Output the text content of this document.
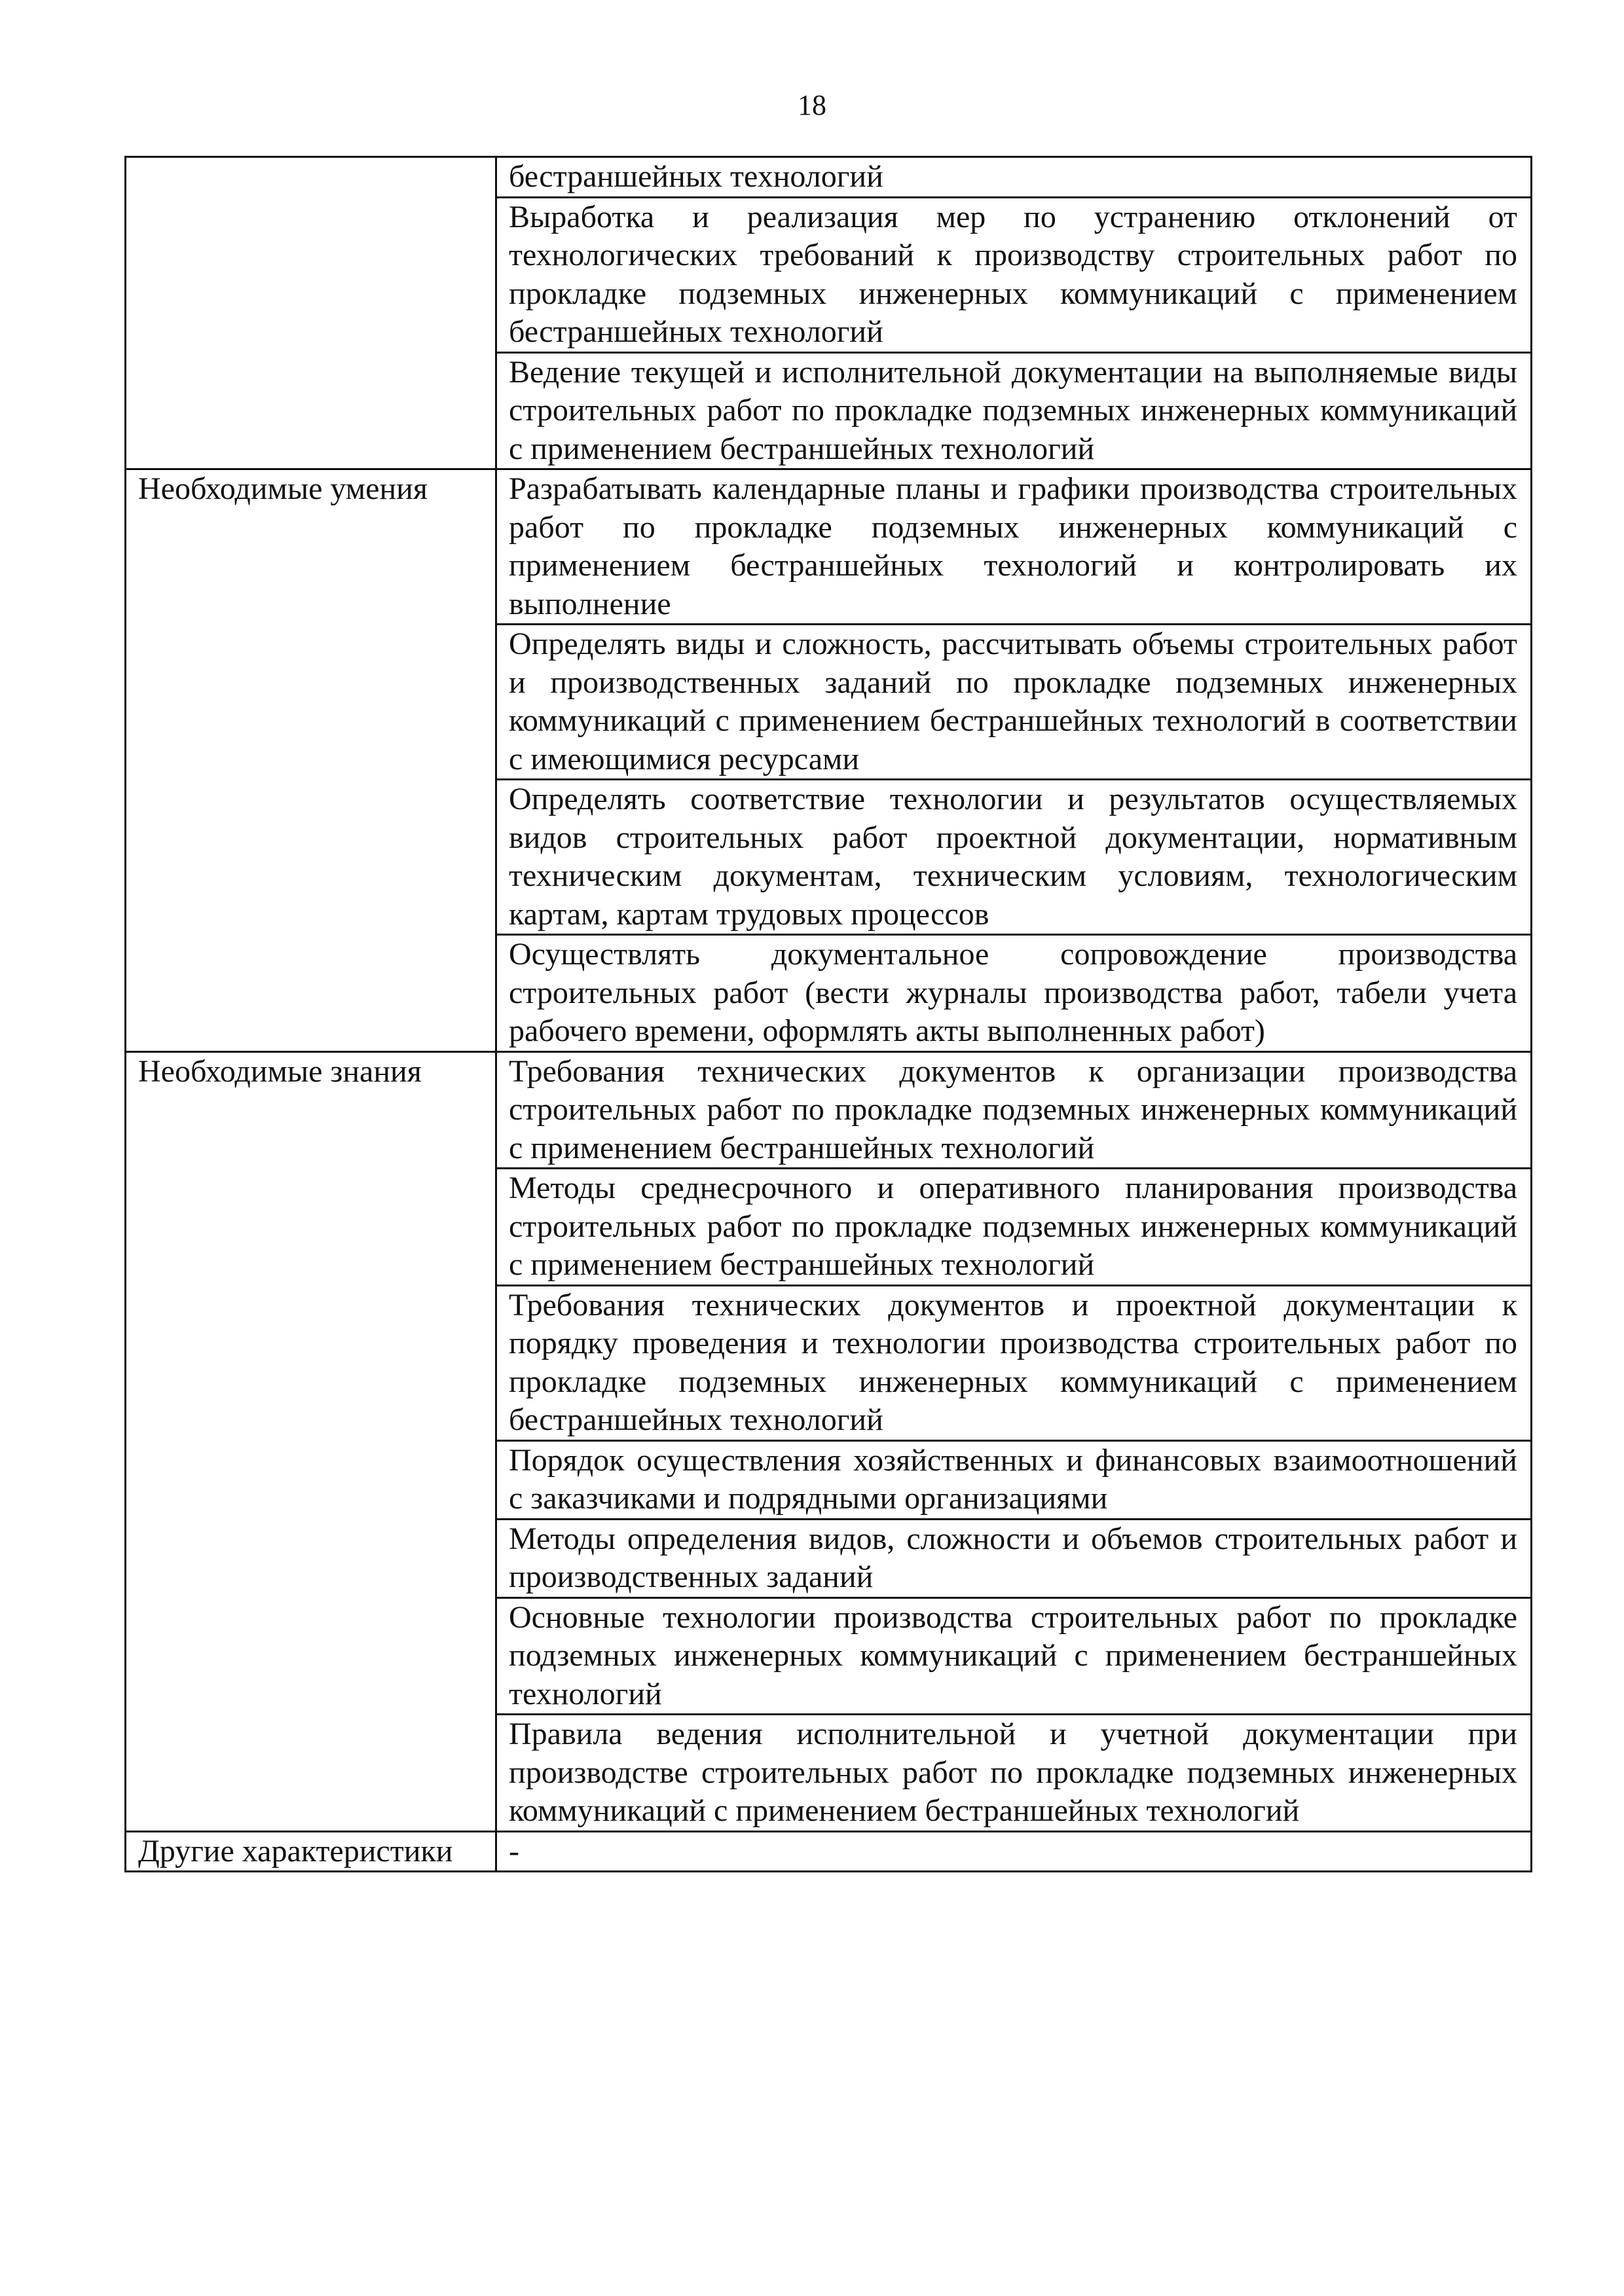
18
	бестраншейных технологий
	Выработка и реализация мер по устранению отклонений от технологических требований к производству строительных работ по прокладке подземных инженерных коммуникаций с применением бестраншейных технологий
	Ведение текущей и исполнительной документации на выполняемые виды строительных работ по прокладке подземных инженерных коммуникаций с применением бестраншейных технологий
Необходимые умения	Разрабатывать календарные планы и графики производства строительных работ по прокладке подземных инженерных коммуникаций с применением бестраншейных технологий и контролировать их выполнение
	Определять виды и сложность, рассчитывать объемы строительных работ и производственных заданий по прокладке подземных инженерных коммуникаций с применением бестраншейных технологий в соответствии с имеющимися ресурсами
	Определять соответствие технологии и результатов осуществляемых видов строительных работ проектной документации, нормативным техническим документам, техническим условиям, технологическим картам, картам трудовых процессов
	Осуществлять документальное сопровождение производства строительных работ (вести журналы производства работ, табели учета рабочего времени, оформлять акты выполненных работ)
Необходимые знания	Требования технических документов к организации производства строительных работ по прокладке подземных инженерных коммуникаций с применением бестраншейных технологий
	Методы среднесрочного и оперативного планирования производства строительных работ по прокладке подземных инженерных коммуникаций с применением бестраншейных технологий
	Требования технических документов и проектной документации к порядку проведения и технологии производства строительных работ по прокладке подземных инженерных коммуникаций с применением бестраншейных технологий
	Порядок осуществления хозяйственных и финансовых взаимоотношений с заказчиками и подрядными организациями
	Методы определения видов, сложности и объемов строительных работ и производственных заданий
	Основные технологии производства строительных работ по прокладке подземных инженерных коммуникаций с применением бестраншейных технологий
	Правила ведения исполнительной и учетной документации при производстве строительных работ по прокладке подземных инженерных коммуникаций с применением бестраншейных технологий
Другие характеристики	-
